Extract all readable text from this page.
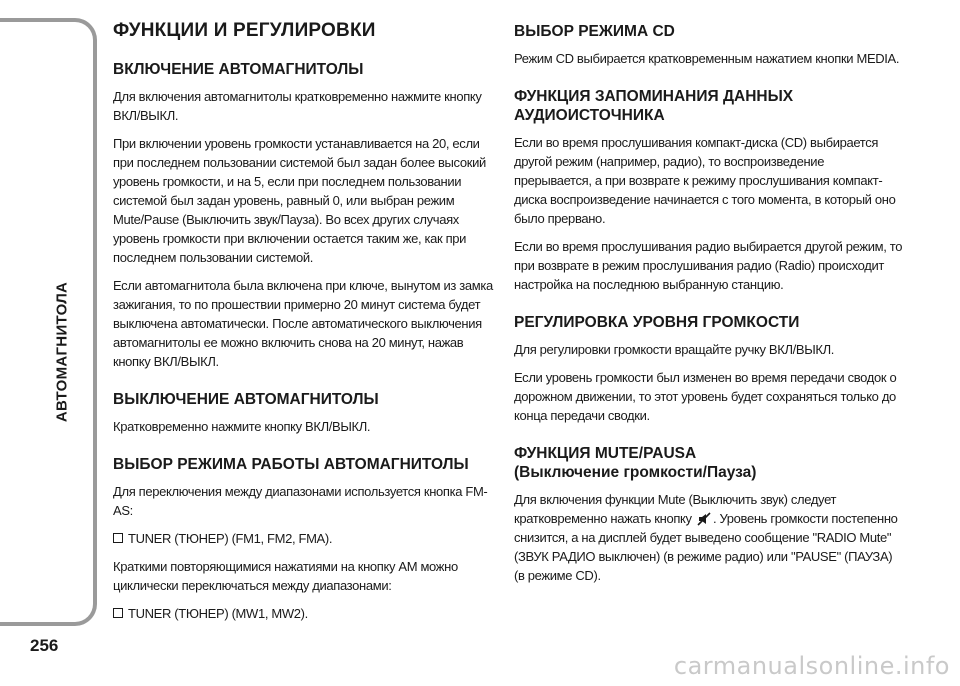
АВТОМАГНИТОЛА
256
ФУНКЦИИ И РЕГУЛИРОВКИ
ВКЛЮЧЕНИЕ АВТОМАГНИТОЛЫ

Для включения автомагнитолы кратковременно нажмите кнопку ВКЛ/ВЫКЛ.

При включении уровень громкости устанавливается на 20, если при последнем пользовании системой был задан более высокий уровень громкости, и на 5, если при последнем пользовании системой был задан уровень, равный 0, или выбран режим Mute/Pause (Выключить звук/Пауза). Во всех других случаях уровень громкости при включении остается таким же, как при последнем пользовании системой.

Если автомагнитола была включена при ключе, вынутом из замка зажигания, то по прошествии примерно 20 минут система будет выключена автоматически. После автоматического выключения автомагнитолы ее можно включить снова на 20 минут, нажав кнопку ВКЛ/ВЫКЛ.

ВЫКЛЮЧЕНИЕ АВТОМАГНИТОЛЫ

Кратковременно нажмите кнопку ВКЛ/ВЫКЛ.

ВЫБОР РЕЖИМА РАБОТЫ АВТОМАГНИТОЛЫ

Для переключения между диапазонами используется кнопка FM-AS:

TUNER (ТЮНЕР) (FM1, FM2, FMA).

Краткими повторяющимися нажатиями на кнопку AM можно циклически переключаться между диапазонами:

TUNER (ТЮНЕР) (MW1, MW2).

ВЫБОР РЕЖИМА CD

Режим CD выбирается кратковременным нажатием кнопки MEDIA.

ФУНКЦИЯ ЗАПОМИНАНИЯ ДАННЫХ
АУДИОИСТОЧНИКА

Если во время прослушивания компакт-диска (CD) выбирается другой режим (например, радио), то воспроизведение прерывается, а при возврате к режиму прослушивания компакт-диска воспроизведение начинается с того момента, в который оно было прервано.

Если во время прослушивания радио выбирается другой режим, то при возврате в режим прослушивания радио (Radio) происходит настройка на последнюю выбранную станцию.

РЕГУЛИРОВКА УРОВНЯ ГРОМКОСТИ

Для регулировки громкости вращайте ручку ВКЛ/ВЫКЛ.

Если уровень громкости был изменен во время передачи сводок о дорожном движении, то этот уровень будет сохраняться только до конца передачи сводки.

ФУНКЦИЯ MUTE/PAUSA
(Выключение громкости/Пауза)

Для включения функции Mute (Выключить звук) следует кратковременно нажать кнопку . Уровень громкости постепенно снизится, а на дисплей будет выведено сообщение "RADIO Mute" (ЗВУК РАДИО выключен) (в режиме радио) или "PAUSE" (ПАУЗА) (в режиме CD).

carmanualsonline.info
